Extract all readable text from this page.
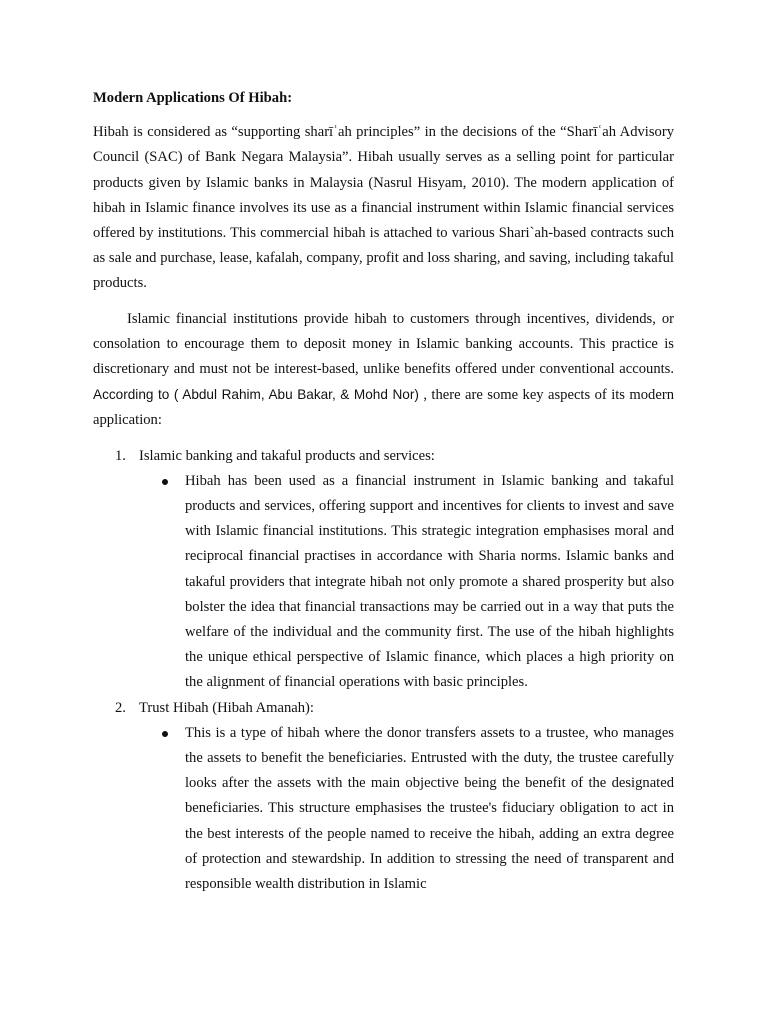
Modern Applications Of Hibah:

Hibah is considered as “supporting sharīʿah principles” in the decisions of the “Sharīʿah Advisory Council (SAC) of Bank Negara Malaysia”. Hibah usually serves as a selling point for particular products given by Islamic banks in Malaysia (Nasrul Hisyam, 2010). The modern application of hibah in Islamic finance involves its use as a financial instrument within Islamic financial services offered by institutions. This commercial hibah is attached to various Shari`ah-based contracts such as sale and purchase, lease, kafalah, company, profit and loss sharing, and saving, including takaful products.

Islamic financial institutions provide hibah to customers through incentives, dividends, or consolation to encourage them to deposit money in Islamic banking accounts. This practice is discretionary and must not be interest-based, unlike benefits offered under conventional accounts. According to ( Abdul Rahim, Abu Bakar, & Mohd Nor) , there are some key aspects of its modern application:

1. Islamic banking and takaful products and services:
Hibah has been used as a financial instrument in Islamic banking and takaful products and services, offering support and incentives for clients to invest and save with Islamic financial institutions. This strategic integration emphasises moral and reciprocal financial practises in accordance with Sharia norms. Islamic banks and takaful providers that integrate hibah not only promote a shared prosperity but also bolster the idea that financial transactions may be carried out in a way that puts the welfare of the individual and the community first. The use of the hibah highlights the unique ethical perspective of Islamic finance, which places a high priority on the alignment of financial operations with basic principles.
2. Trust Hibah (Hibah Amanah):
This is a type of hibah where the donor transfers assets to a trustee, who manages the assets to benefit the beneficiaries. Entrusted with the duty, the trustee carefully looks after the assets with the main objective being the benefit of the designated beneficiaries. This structure emphasises the trustee's fiduciary obligation to act in the best interests of the people named to receive the hibah, adding an extra degree of protection and stewardship. In addition to stressing the need of transparent and responsible wealth distribution in Islamic
